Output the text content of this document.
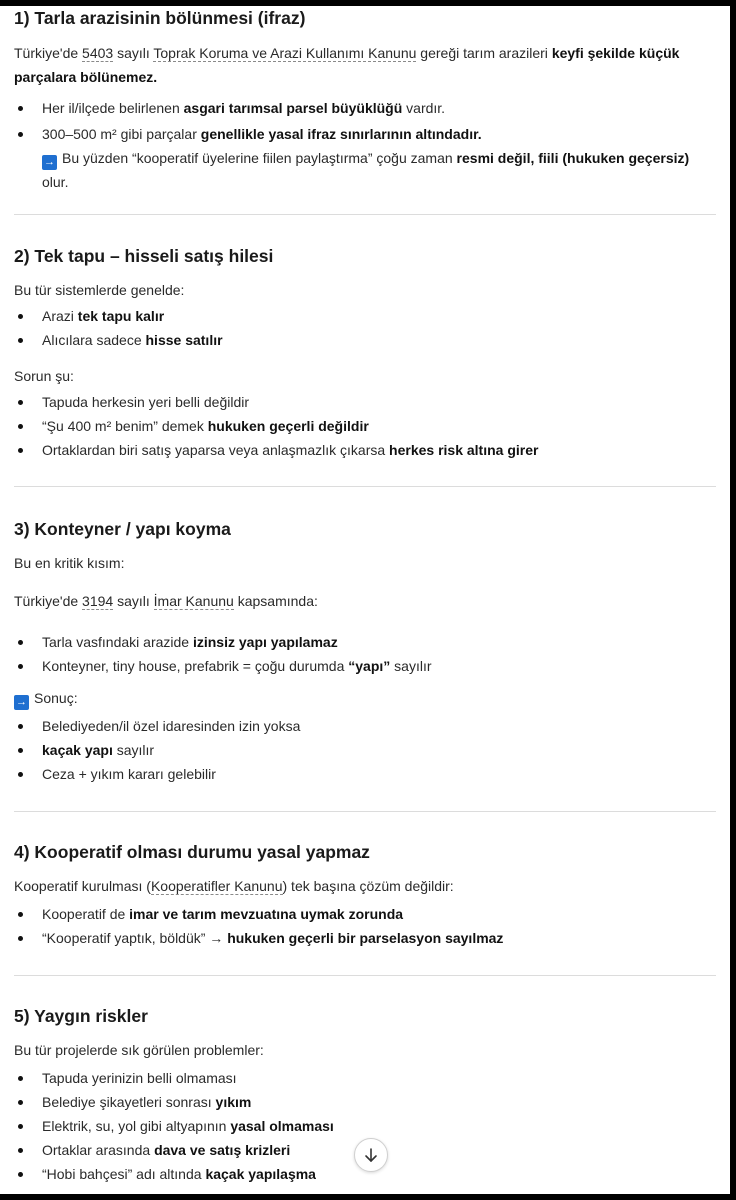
1) Tarla arazisinin bölünmesi (ifraz)

Türkiye'de 5403 sayılı Toprak Koruma ve Arazi Kullanımı Kanunu gereği tarım arazileri keyfi şekilde küçük parçalara bölünemez.

Her il/ilçede belirlenen asgari tarımsal parsel büyüklüğü vardır.
300–500 m² gibi parçalar genellikle yasal ifraz sınırlarının altındadır.
→ Bu yüzden “kooperatif üyelerine fiilen paylaştırma” çoğu zaman resmi değil, fiili (hukuken geçersiz) olur.
2) Tek tapu – hisseli satış hilesi

Bu tür sistemlerde genelde:

Arazi tek tapu kalır
Alıcılara sadece hisse satılır

Sorun şu:

Tapuda herkesin yeri belli değildir
“Şu 400 m² benim” demek hukuken geçerli değildir
Ortaklardan biri satış yaparsa veya anlaşmazlık çıkarsa herkes risk altına girer
3) Konteyner / yapı koyma

Bu en kritik kısım:

Türkiye'de 3194 sayılı İmar Kanunu kapsamında:

Tarla vasfındaki arazide izinsiz yapı yapılamaz
Konteyner, tiny house, prefabrik = çoğu durumda “yapı” sayılır

→ Sonuç:

Belediyeden/il özel idaresinden izin yoksa
kaçak yapı sayılır
Ceza + yıkım kararı gelebilir
4) Kooperatif olması durumu yasal yapmaz

Kooperatif kurulması (Kooperatifler Kanunu) tek başına çözüm değildir:

Kooperatif de imar ve tarım mevzuatına uymak zorunda
“Kooperatif yaptık, böldük” → hukuken geçerli bir parselasyon sayılmaz
5) Yaygın riskler

Bu tür projelerde sık görülen problemler:

Tapuda yerinizin belli olmaması
Belediye şikayetleri sonrası yıkım
Elektrik, su, yol gibi altyapının yasal olmaması
Ortaklar arasında dava ve satış krizleri
“Hobi bahçesi” adı altında kaçak yapılaşma
